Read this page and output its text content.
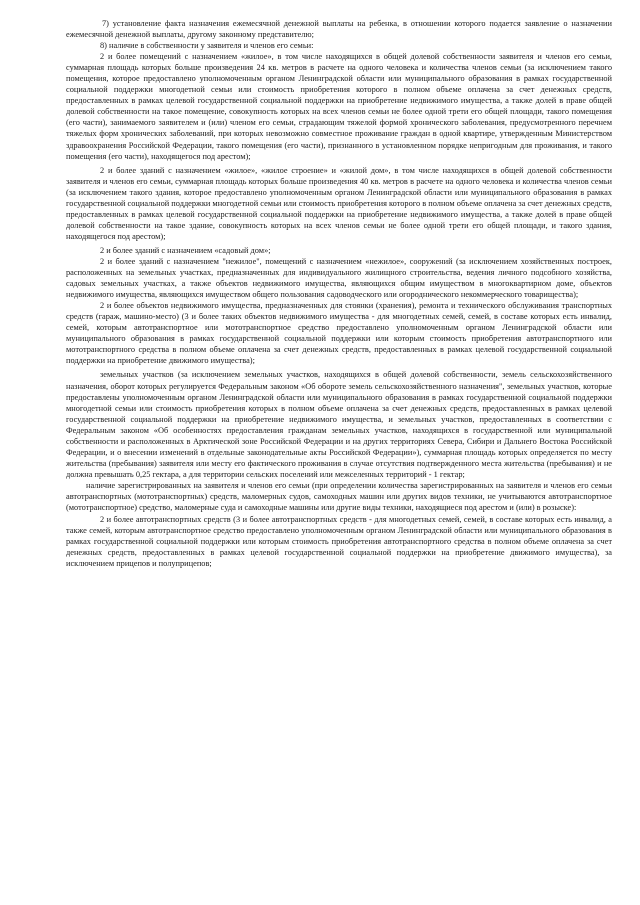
7) установление факта назначения ежемесячной денежной выплаты на ребенка, в отношении которого подается заявление о назначении ежемесячной денежной выплаты, другому законному представителю;

8) наличие в собственности у заявителя и членов его семьи:

2 и более помещений с назначением «жилое», в том числе находящихся в общей долевой собственности заявителя и членов его семьи, суммарная площадь которых больше произведения 24 кв. метров в расчете на одного человека и количества членов семьи (за исключением такого помещения, которое предоставлено уполномоченным органом Ленинградской области или муниципального образования в рамках государственной социальной поддержки многодетной семьи или стоимость приобретения которого в полном объеме оплачена за счет денежных средств, предоставленных в рамках целевой государственной социальной поддержки на приобретение недвижимого имущества, а также долей в праве общей долевой собственности на такое помещение, совокупность которых на всех членов семьи не более одной трети его общей площади, такого помещения (его части), занимаемого заявителем и (или) членом его семьи, страдающим тяжелой формой хронического заболевания, предусмотренного перечнем тяжелых форм хронических заболеваний, при которых невозможно совместное проживание граждан в одной квартире, утвержденным Министерством здравоохранения Российской Федерации, такого помещения (его части), признанного в установленном порядке непригодным для проживания, и такого помещения (его части), находящегося под арестом);

2 и более зданий с назначением «жилое», «жилое строение» и «жилой дом», в том числе находящихся в общей долевой собственности заявителя и членов его семьи, суммарная площадь которых больше произведения 40 кв. метров в расчете на одного человека и количества членов семьи (за исключением такого здания, которое предоставлено уполномоченным органом Ленинградской области или муниципального образования в рамках государственной социальной поддержки многодетной семьи или стоимость приобретения которого в полном объеме оплачена за счет денежных средств, предоставленных в рамках целевой государственной социальной поддержки на приобретение недвижимого имущества, а также долей в праве общей долевой собственности на такое здание, совокупность которых на всех членов семьи не более одной трети его общей площади, и такого здания, находящегося под арестом);

2 и более зданий с назначением «садовый дом»;

2 и более зданий с назначением "нежилое", помещений с назначением «нежилое», сооружений (за исключением хозяйственных построек, расположенных на земельных участках, предназначенных для индивидуального жилищного строительства, ведения личного подсобного хозяйства, садовых земельных участках, а также объектов недвижимого имущества, являющихся общим имуществом в многоквартирном доме, объектов недвижимого имущества, являющихся имуществом общего пользования садоводческого или огороднического некоммерческого товарищества);

2 и более объектов недвижимого имущества, предназначенных для стоянки (хранения), ремонта и технического обслуживания транспортных средств (гараж, машино-место) (3 и более таких объектов недвижимого имущества - для многодетных семей, семей, в составе которых есть инвалид, семей, которым автотранспортное или мототранспортное средство предоставлено уполномоченным органом Ленинградской области или муниципального образования в рамках государственной социальной поддержки или которым стоимость приобретения автотранспортного или мототранспортного средства в полном объеме оплачена за счет денежных средств, предоставленных в рамках целевой государственной социальной поддержки на приобретение движимого имущества);

земельных участков (за исключением земельных участков, находящихся в общей долевой собственности, земель сельскохозяйственного назначения, оборот которых регулируется Федеральным законом «Об обороте земель сельскохозяйственного назначения", земельных участков, которые предоставлены уполномоченным органом Ленинградской области или муниципального образования в рамках государственной социальной поддержки многодетной семьи или стоимость приобретения которых в полном объеме оплачена за счет денежных средств, предоставленных в рамках целевой государственной социальной поддержки на приобретение недвижимого имущества, и земельных участков, предоставленных в соответствии с Федеральным законом «Об особенностях предоставления гражданам земельных участков, находящихся в государственной или муниципальной собственности и расположенных в Арктической зоне Российской Федерации и на других территориях Севера, Сибири и Дальнего Востока Российской Федерации, и о внесении изменений в отдельные законодательные акты Российской Федерации»), суммарная площадь которых определяется по месту жительства (пребывания) заявителя или месту его фактического проживания в случае отсутствия подтвержденного места жительства (пребывания) и не должна превышать 0,25 гектара, а для территории сельских поселений или межселенных территорий - 1 гектар;

наличие зарегистрированных на заявителя и членов его семьи (при определении количества зарегистрированных на заявителя и членов его семьи автотранспортных (мототранспортных) средств, маломерных судов, самоходных машин или других видов техники, не учитываются автотранспортное (мототранспортное) средство, маломерные суда и самоходные машины или другие виды техники, находящиеся под арестом и (или) в розыске):

2 и более автотранспортных средств (3 и более автотранспортных средств - для многодетных семей, семей, в составе которых есть инвалид, а также семей, которым автотранспортное средство предоставлено уполномоченным органом Ленинградской области или муниципального образования в рамках государственной социальной поддержки или которым стоимость приобретения автотранспортного средства в полном объеме оплачена за счет денежных средств, предоставленных в рамках целевой государственной социальной поддержки на приобретение движимого имущества), за исключением прицепов и полуприцепов;
